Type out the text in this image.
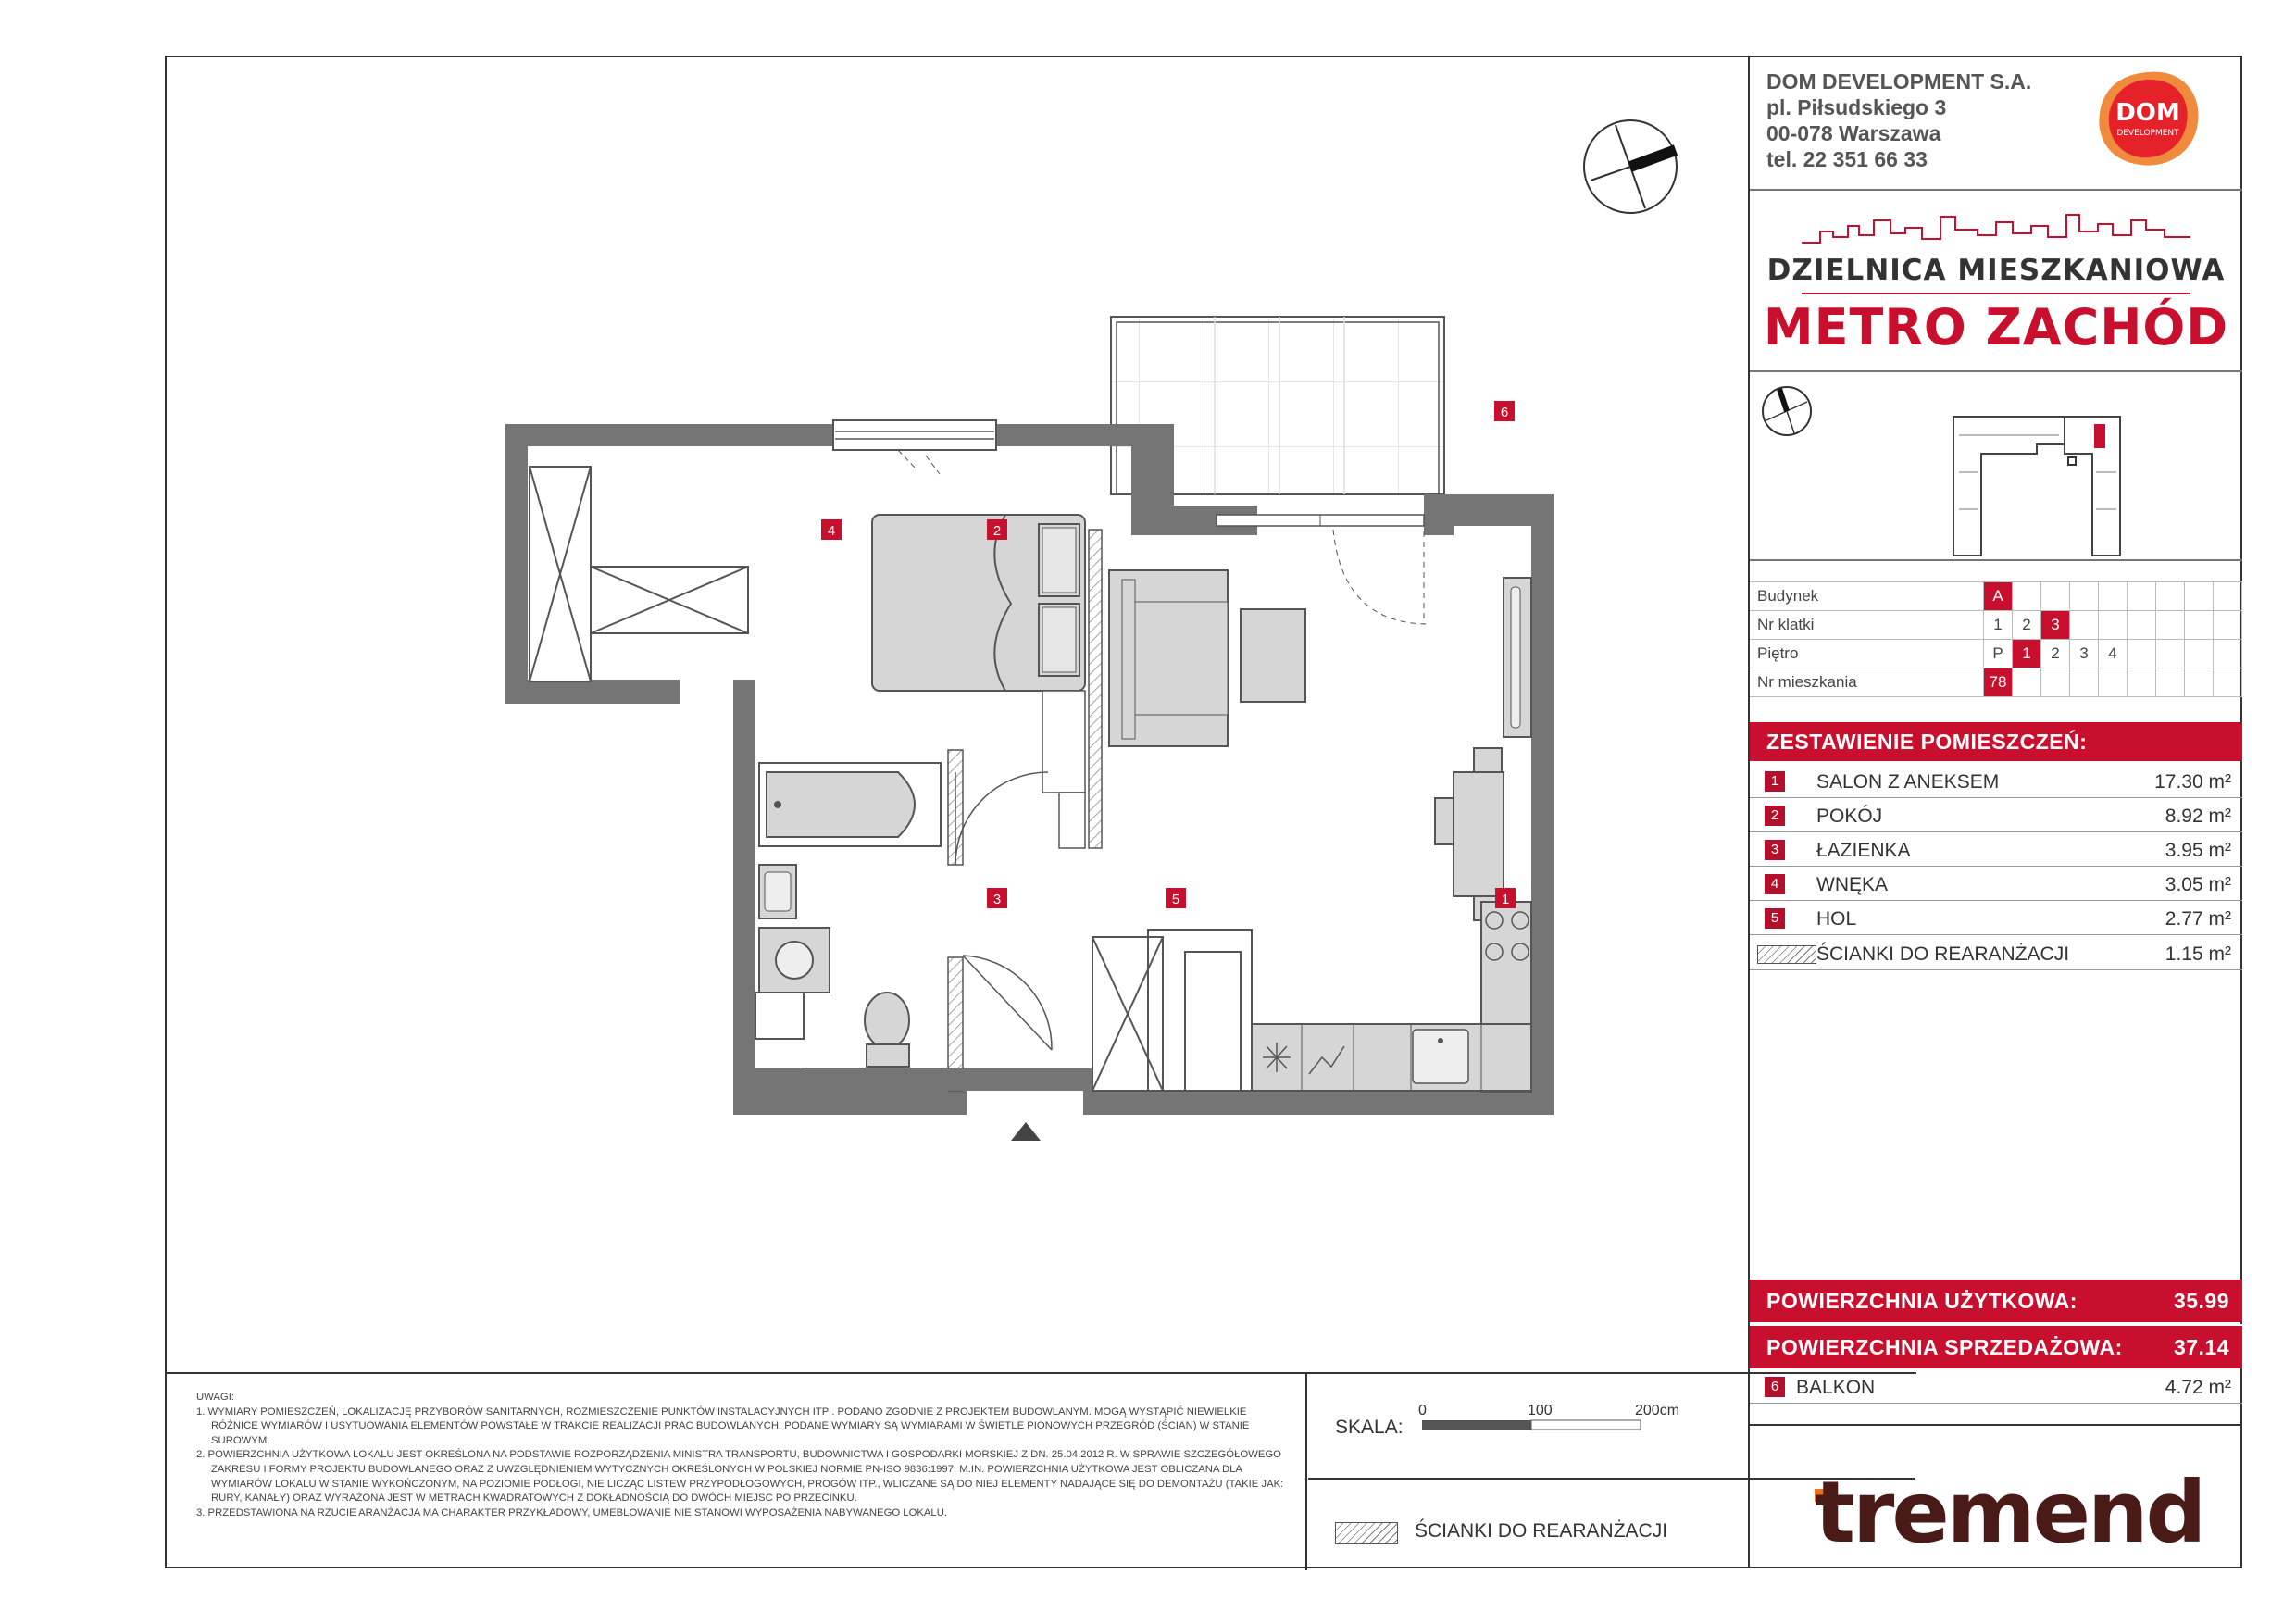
1
2
3
4
5
6

UWAGI:

1. WYMIARY POMIESZCZEŃ, LOKALIZACJĘ PRZYBORÓW SANITARNYCH, ROZMIESZCZENIE PUNKTÓW INSTALACYJNYCH ITP . PODANO ZGODNIE Z PROJEKTEM BUDOWLANYM. MOGĄ WYSTĄPIĆ NIEWIELKIE RÓŻNICE WYMIARÓW I USYTUOWANIA ELEMENTÓW POWSTAŁE W TRAKCIE REALIZACJI PRAC BUDOWLANYCH. PODANE WYMIARY SĄ WYMIARAMI W ŚWIETLE PIONOWYCH PRZEGRÓD (ŚCIAN) W STANIE SUROWYM.

2. POWIERZCHNIA UŻYTKOWA LOKALU JEST OKREŚLONA NA PODSTAWIE ROZPORZĄDZENIA MINISTRA TRANSPORTU, BUDOWNICTWA I GOSPODARKI MORSKIEJ Z DN. 25.04.2012 R. W SPRAWIE SZCZEGÓŁOWEGO ZAKRESU I FORMY PROJEKTU BUDOWLANEGO ORAZ Z UWZGLĘDNIENIEM WYTYCZNYCH OKREŚLONYCH W POLSKIEJ NORMIE PN-ISO 9836:1997, M.IN. POWIERZCHNIA UŻYTKOWA JEST OBLICZANA DLA WYMIARÓW LOKALU W STANIE WYKOŃCZONYM, NA POZIOMIE PODŁOGI, NIE LICZĄC LISTEW PRZYPODŁOGOWYCH, PROGÓW ITP., WLICZANE SĄ DO NIEJ ELEMENTY NADAJĄCE SIĘ DO DEMONTAŻU (TAKIE JAK: RURY, KANAŁY) ORAZ WYRAŻONA JEST W METRACH KWADRATOWYCH Z DOKŁADNOŚCIĄ DO DWÓCH MIEJSC PO PRZECINKU.

3. PRZEDSTAWIONA NA RZUCIE ARANŻACJA MA CHARAKTER PRZYKŁADOWY, UMEBLOWANIE NIE STANOWI WYPOSAŻENIA NABYWANEGO LOKALU.

SKALA:
0	100	200cm
ŚCIANKI DO REARANŻACJI
DOM DEVELOPMENT S.A.
pl. Piłsudskiego 3
00-078 Warszawa
tel. 22 351 66 33
DOM
DEVELOPMENT
DZIELNICA MIESZKANIOWA
METRO ZACHÓD
Budynek	A								
Nr klatki	1	2	3						
Piętro	P	1	2	3	4				
Nr mieszkania	78								
ZESTAWIENIE POMIESZCZEŃ:
1	SALON Z ANEKSEM	17.30 m²
2	POKÓJ	8.92 m²
3	ŁAZIENKA	3.95 m²
4	WNĘKA	3.05 m²
5	HOL	2.77 m²
ŚCIANKI DO REARANŻACJI	1.15 m²
POWIERZCHNIA UŻYTKOWA:	35.99
POWIERZCHNIA SPRZEDAŻOWA: 37.14
6 BALKON	4.72 m²
tremend
